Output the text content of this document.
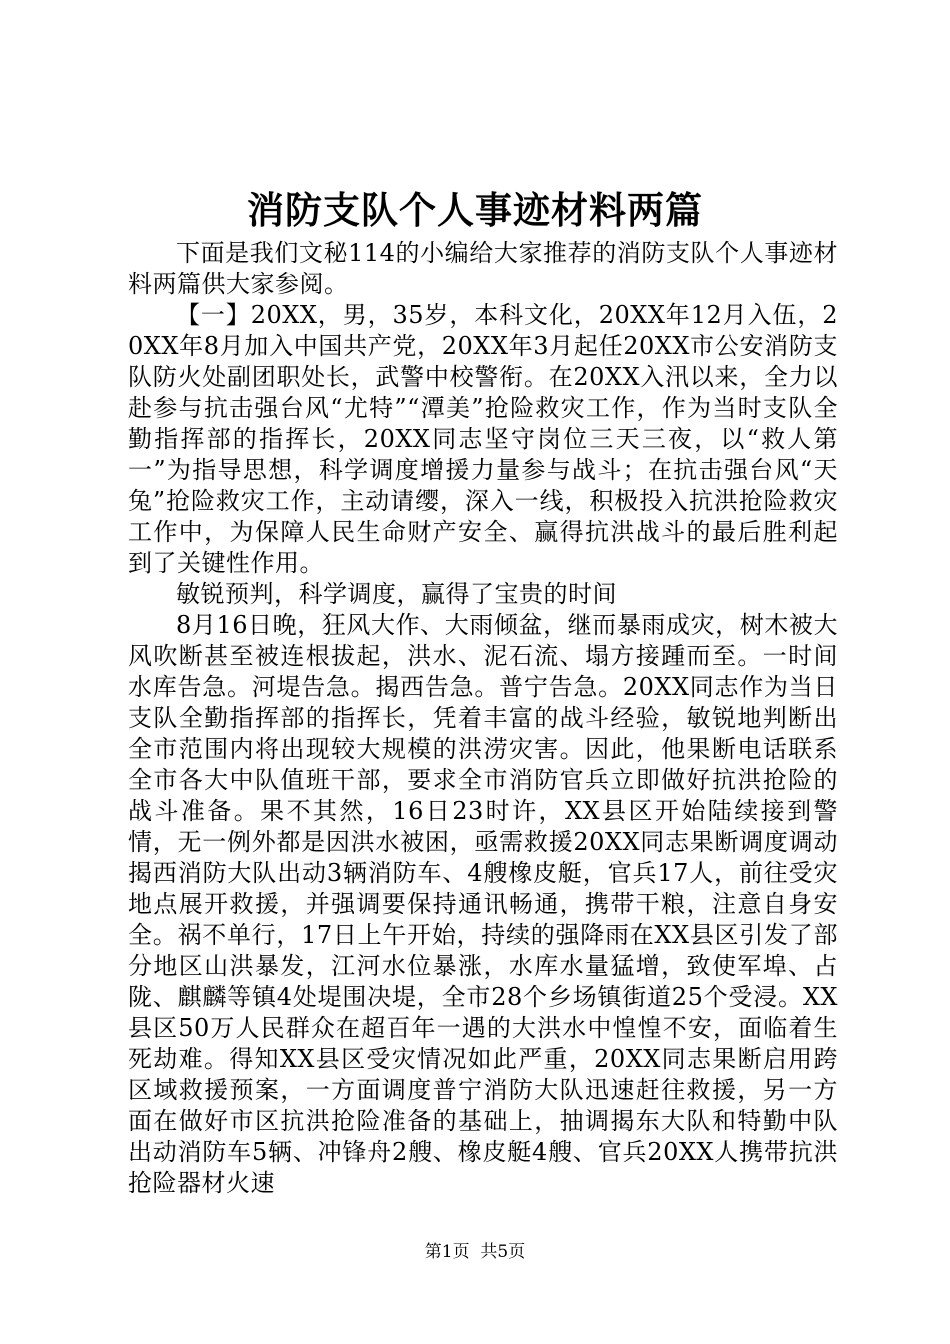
消防支队个人事迹材料两篇

下面是我们文秘114的小编给大家推荐的消防支队个人事迹材料两篇供大家参阅。

【一】20XX，男，35岁，本科文化，20XX年12月入伍，20XX年8月加入中国共产党，20XX年3月起任20XX市公安消防支队防火处副团职处长，武警中校警衔。在20XX入汛以来，全力以赴参与抗击强台风“尤特”“潭美”抢险救灾工作，作为当时支队全勤指挥部的指挥长，20XX同志坚守岗位三天三夜，以“救人第一”为指导思想，科学调度增援力量参与战斗；在抗击强台风“天兔”抢险救灾工作，主动请缨，深入一线，积极投入抗洪抢险救灾工作中，为保障人民生命财产安全、赢得抗洪战斗的最后胜利起到了关键性作用。

敏锐预判，科学调度，赢得了宝贵的时间

8月16日晚，狂风大作、大雨倾盆，继而暴雨成灾，树木被大风吹断甚至被连根拔起，洪水、泥石流、塌方接踵而至。一时间水库告急。河堤告急。揭西告急。普宁告急。20XX同志作为当日支队全勤指挥部的指挥长，凭着丰富的战斗经验，敏锐地判断出全市范围内将出现较大规模的洪涝灾害。因此，他果断电话联系全市各大中队值班干部，要求全市消防官兵立即做好抗洪抢险的战斗准备。果不其然，16日23时许，XX县区开始陆续接到警情，无一例外都是因洪水被困，亟需救援20XX同志果断调度调动揭西消防大队出动3辆消防车、4艘橡皮艇，官兵17人，前往受灾地点展开救援，并强调要保持通讯畅通，携带干粮，注意自身安全。祸不单行，17日上午开始，持续的强降雨在XX县区引发了部分地区山洪暴发，江河水位暴涨，水库水量猛增，致使军埠、占陇、麒麟等镇4处堤围决堤，全市28个乡场镇街道25个受浸。XX县区50万人民群众在超百年一遇的大洪水中惶惶不安，面临着生死劫难。得知XX县区受灾情况如此严重，20XX同志果断启用跨区域救援预案，一方面调度普宁消防大队迅速赶往救援，另一方面在做好市区抗洪抢险准备的基础上，抽调揭东大队和特勤中队出动消防车5辆、冲锋舟2艘、橡皮艇4艘、官兵20XX人携带抗洪抢险器材火速

第1页  共5页
